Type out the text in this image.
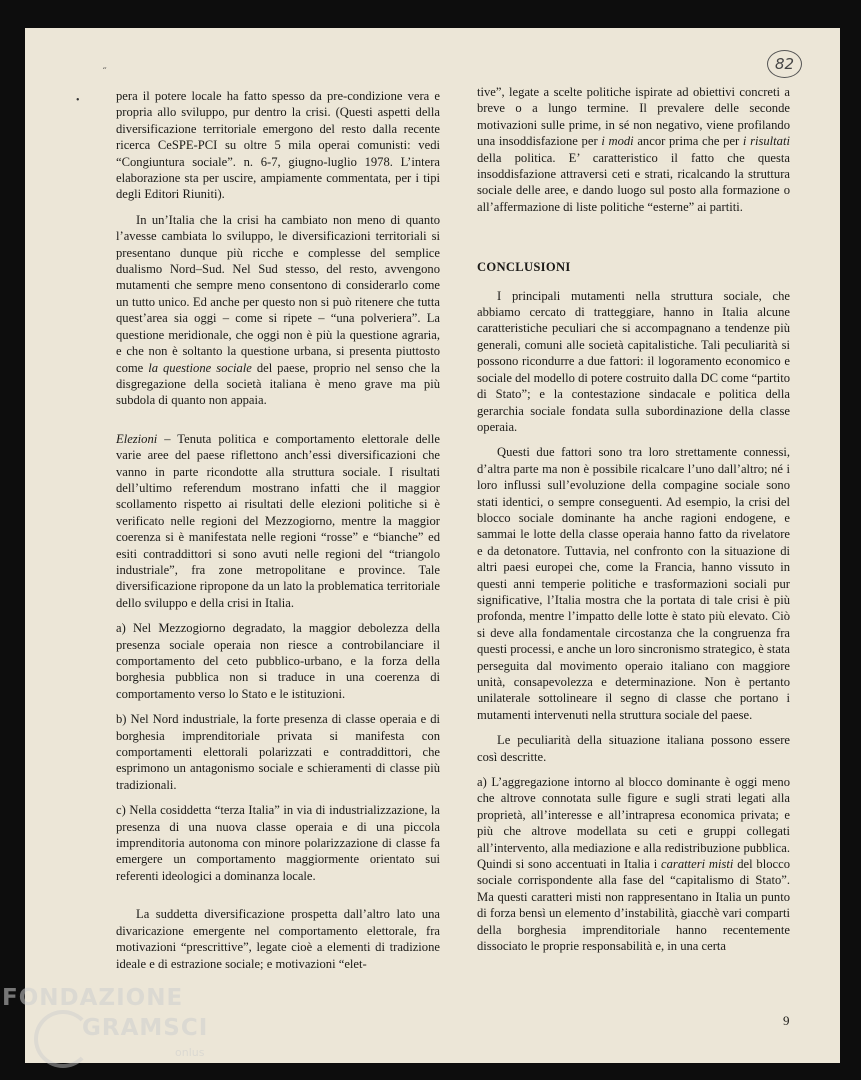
˶
•
82

pera il potere locale ha fatto spesso da pre-condizione vera e propria allo sviluppo, pur dentro la crisi. (Questi aspetti della diversificazione territoriale emergono del resto dalla recente ricerca CeSPE-PCI su oltre 5 mila operai comunisti: vedi “Congiuntura sociale”. n. 6-7, giugno-luglio 1978. L’intera elaborazione sta per uscire, ampiamente commentata, per i tipi degli Editori Riuniti).

In un’Italia che la crisi ha cambiato non meno di quanto l’avesse cambiata lo sviluppo, le diversificazioni territoriali si presentano dunque più ricche e complesse del semplice dualismo Nord–Sud. Nel Sud stesso, del resto, avvengono mutamenti che sempre meno consentono di considerarlo come un tutto unico. Ed anche per questo non si può ritenere che tutta quest’area sia oggi – come si ripete – “una polveriera”. La questione meridionale, che oggi non è più la questione agraria, e che non è soltanto la questione urbana, si presenta piuttosto come la questione sociale del paese, proprio nel senso che la disgregazione della società italiana è meno grave ma più subdola di quanto non appaia.

Elezioni – Tenuta politica e comportamento elettorale delle varie aree del paese riflettono anch’essi diversificazioni che vanno in parte ricondotte alla struttura sociale. I risultati dell’ultimo referendum mostrano infatti che il maggior scollamento rispetto ai risultati delle elezioni politiche si è verificato nelle regioni del Mezzogiorno, mentre la maggior coerenza si è manifestata nelle regioni “rosse” e “bianche” ed esiti contraddittori si sono avuti nelle regioni del “triangolo industriale”, fra zone metropolitane e province. Tale diversificazione ripropone da un lato la problematica territoriale dello sviluppo e della crisi in Italia.

a) Nel Mezzogiorno degradato, la maggior debolezza della presenza sociale operaia non riesce a controbilanciare il comportamento del ceto pubblico-urbano, e la forza della borghesia pubblica non si traduce in una coerenza di comportamento verso lo Stato e le istituzioni.

b) Nel Nord industriale, la forte presenza di classe operaia e di borghesia imprenditoriale privata si manifesta con comportamenti elettorali polarizzati e contraddittori, che esprimono un antagonismo sociale e schieramenti di classe più tradizionali.

c) Nella cosiddetta “terza Italia” in via di industrializzazione, la presenza di una nuova classe operaia e di una piccola imprenditoria autonoma con minore polarizzazione di classe fa emergere un comportamento maggiormente orientato sui referenti ideologici a dominanza locale.

La suddetta diversificazione prospetta dall’altro lato una divaricazione emergente nel comportamento elettorale, fra motivazioni “prescrittive”, legate cioè a elementi di tradizione ideale e di estrazione sociale; e motivazioni “elet-

tive”, legate a scelte politiche ispirate ad obiettivi concreti a breve o a lungo termine. Il prevalere delle seconde motivazioni sulle prime, in sé non negativo, viene profilando una insoddisfazione per i modi ancor prima che per i risultati della politica. E’ caratteristico il fatto che questa insoddisfazione attraversi ceti e strati, ricalcando la struttura sociale delle aree, e dando luogo sul posto alla formazione o all’affermazione di liste politiche “esterne” ai partiti.

CONCLUSIONI

I principali mutamenti nella struttura sociale, che abbiamo cercato di tratteggiare, hanno in Italia alcune caratteristiche peculiari che si accompagnano a tendenze più generali, comuni alle società capitalistiche. Tali peculiarità si possono ricondurre a due fattori: il logoramento economico e sociale del modello di potere costruito dalla DC come “partito di Stato”; e la contestazione sindacale e politica della gerarchia sociale fondata sulla subordinazione della classe operaia.

Questi due fattori sono tra loro strettamente connessi, d’altra parte ma non è possibile ricalcare l’uno dall’altro; né i loro influssi sull’evoluzione della compagine sociale sono stati identici, o sempre conseguenti. Ad esempio, la crisi del blocco sociale dominante ha anche ragioni endogene, e sammai le lotte della classe operaia hanno fatto da rivelatore e da detonatore. Tuttavia, nel confronto con la situazione di altri paesi europei che, come la Francia, hanno vissuto in questi anni temperie politiche e trasformazioni sociali pur significative, l’Italia mostra che la portata di tale crisi è più profonda, mentre l’impatto delle lotte è stato più elevato. Ciò si deve alla fondamentale circostanza che la congruenza fra questi processi, e anche un loro sincronismo strategico, è stata perseguita dal movimento operaio italiano con maggiore unità, consapevolezza e determinazione. Non è pertanto unilaterale sottolineare il segno di classe che portano i mutamenti intervenuti nella struttura sociale del paese.

Le peculiarità della situazione italiana possono essere così descritte.

a) L’aggregazione intorno al blocco dominante è oggi meno che altrove connotata sulle figure e sugli strati legati alla proprietà, all’interesse e all’intrapresa economica privata; e più che altrove modellata su ceti e gruppi collegati all’intervento, alla mediazione e alla redistribuzione pubblica. Quindi si sono accentuati in Italia i caratteri misti del blocco sociale corrispondente alla fase del “capitalismo di Stato”. Ma questi caratteri misti non rappresentano in Italia un punto di forza bensì un elemento d’instabilità, giacchè vari comparti della borghesia imprenditoriale hanno recentemente dissociato le proprie responsabilità e, in una certa

9
FONDAZIONE
GRAMSCI
onlus
